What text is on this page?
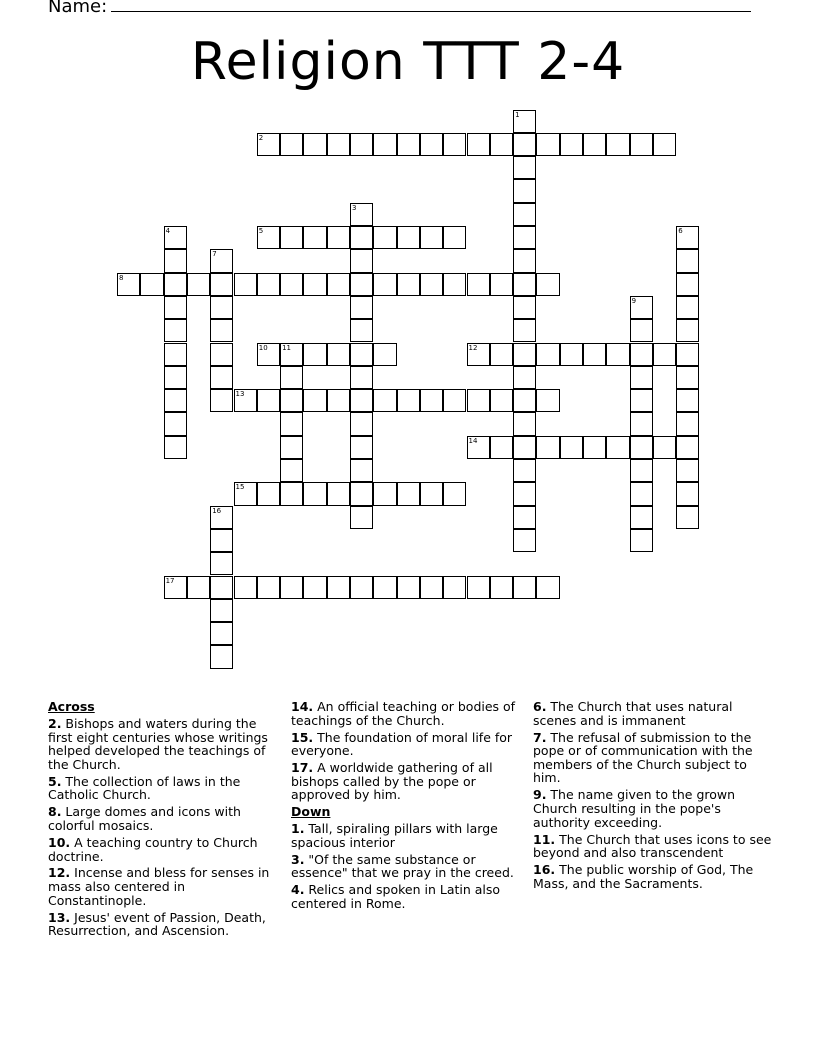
Name:
Religion TTT 2-4
2
5
8
10 11	12
13
14
15
17
1
3
4	6
7
9
16
Across
2. Bishops and waters during the first eight centuries whose writings helped developed the teachings of the Church.
5. The collection of laws in the Catholic Church.
8. Large domes and icons with colorful mosaics.
10. A teaching country to Church doctrine.
12. Incense and bless for senses in mass also centered in Constantinople.
13. Jesus' event of Passion, Death, Resurrection, and Ascension.
14. An official teaching or bodies of teachings of the Church.
15. The foundation of moral life for everyone.
17. A worldwide gathering of all bishops called by the pope or approved by him.
Down
1. Tall, spiraling pillars with large spacious interior
3. "Of the same substance or essence" that we pray in the creed.
4. Relics and spoken in Latin also centered in Rome.
6. The Church that uses natural scenes and is immanent
7. The refusal of submission to the pope or of communication with the members of the Church subject to him.
9. The name given to the grown Church resulting in the pope's authority exceeding.
11. The Church that uses icons to see beyond and also transcendent
16. The public worship of God, The Mass, and the Sacraments.
